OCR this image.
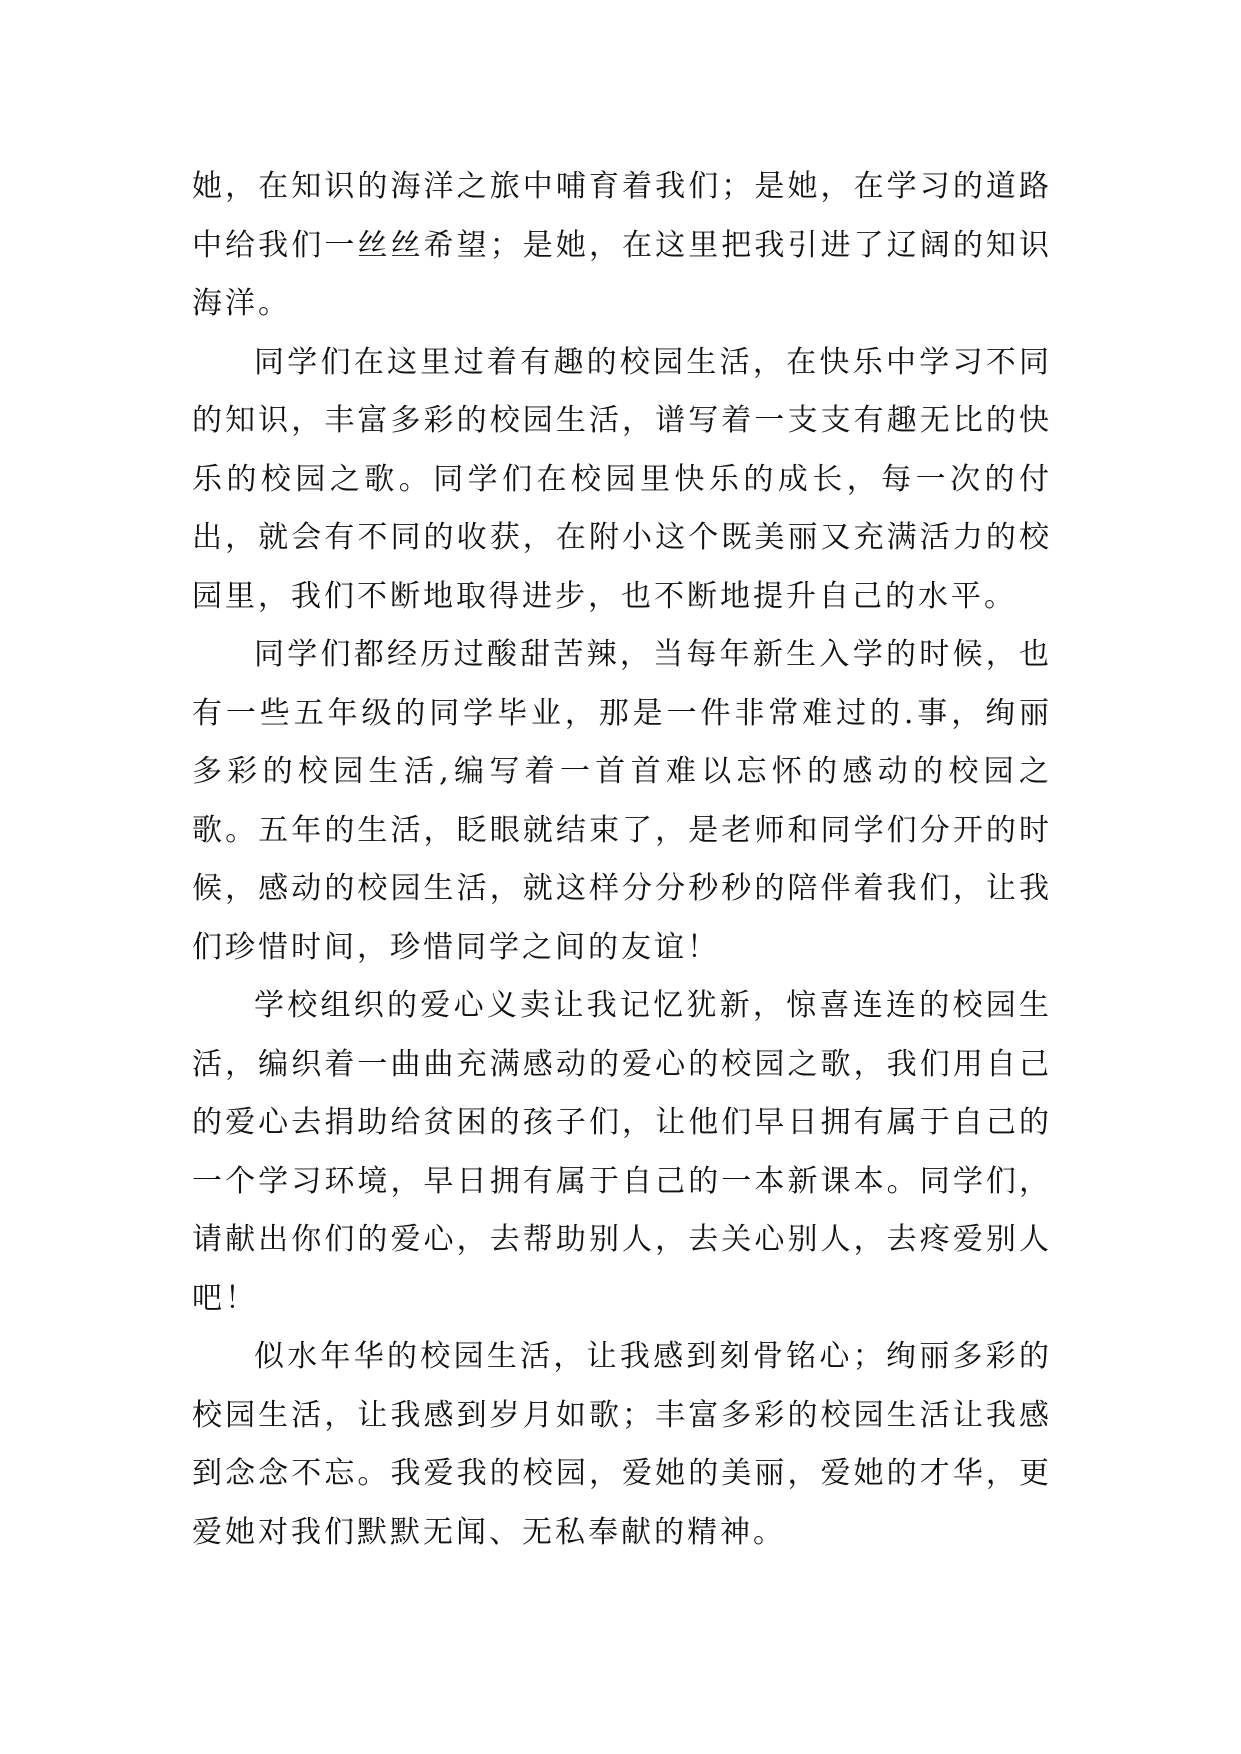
她，在知识的海洋之旅中哺育着我们；是她，在学习的道路中给我们一丝丝希望；是她，在这里把我引进了辽阔的知识海洋。

同学们在这里过着有趣的校园生活，在快乐中学习不同的知识，丰富多彩的校园生活，谱写着一支支有趣无比的快乐的校园之歌。同学们在校园里快乐的成长，每一次的付出，就会有不同的收获，在附小这个既美丽又充满活力的校园里，我们不断地取得进步，也不断地提升自己的水平。

同学们都经历过酸甜苦辣，当每年新生入学的时候，也有一些五年级的同学毕业，那是一件非常难过的.事，绚丽多彩的校园生活,编写着一首首难以忘怀的感动的校园之歌。五年的生活，眨眼就结束了，是老师和同学们分开的时候，感动的校园生活，就这样分分秒秒的陪伴着我们，让我们珍惜时间，珍惜同学之间的友谊！

学校组织的爱心义卖让我记忆犹新，惊喜连连的校园生活，编织着一曲曲充满感动的爱心的校园之歌，我们用自己的爱心去捐助给贫困的孩子们，让他们早日拥有属于自己的一个学习环境，早日拥有属于自己的一本新课本。同学们，请献出你们的爱心，去帮助别人，去关心别人，去疼爱别人吧！

似水年华的校园生活，让我感到刻骨铭心；绚丽多彩的校园生活，让我感到岁月如歌；丰富多彩的校园生活让我感到念念不忘。我爱我的校园，爱她的美丽，爱她的才华，更爱她对我们默默无闻、无私奉献的精神。
